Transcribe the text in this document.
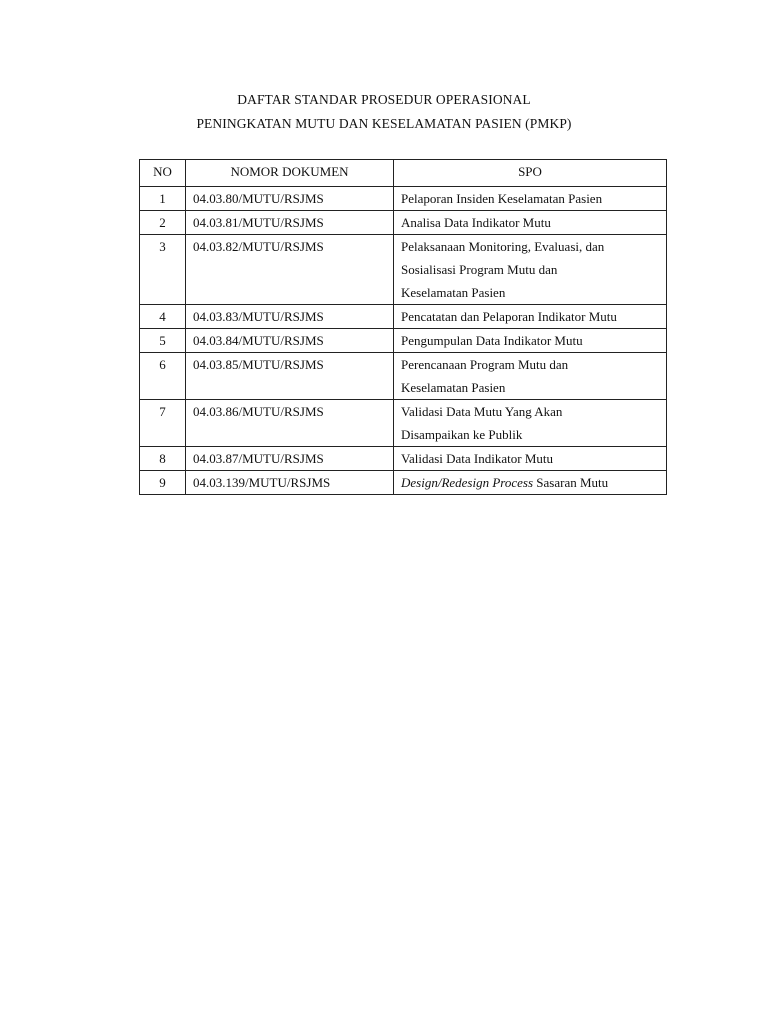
DAFTAR STANDAR PROSEDUR OPERASIONAL
PENINGKATAN MUTU DAN KESELAMATAN PASIEN (PMKP)
NO	NOMOR DOKUMEN	SPO
1	04.03.80/MUTU/RSJMS	Pelaporan Insiden Keselamatan Pasien
2	04.03.81/MUTU/RSJMS	Analisa Data Indikator Mutu
3	04.03.82/MUTU/RSJMS	Pelaksanaan Monitoring, Evaluasi, dan
Sosialisasi Program Mutu dan
Keselamatan Pasien

4	04.03.83/MUTU/RSJMS	Pencatatan dan Pelaporan Indikator Mutu
5	04.03.84/MUTU/RSJMS	Pengumpulan Data Indikator Mutu
6	04.03.85/MUTU/RSJMS	Perencanaan Program Mutu dan
Keselamatan Pasien

7	04.03.86/MUTU/RSJMS	Validasi Data Mutu Yang Akan
Disampaikan ke Publik

8	04.03.87/MUTU/RSJMS	Validasi Data Indikator Mutu
9	04.03.139/MUTU/RSJMS	Design/Redesign Process Sasaran Mutu
